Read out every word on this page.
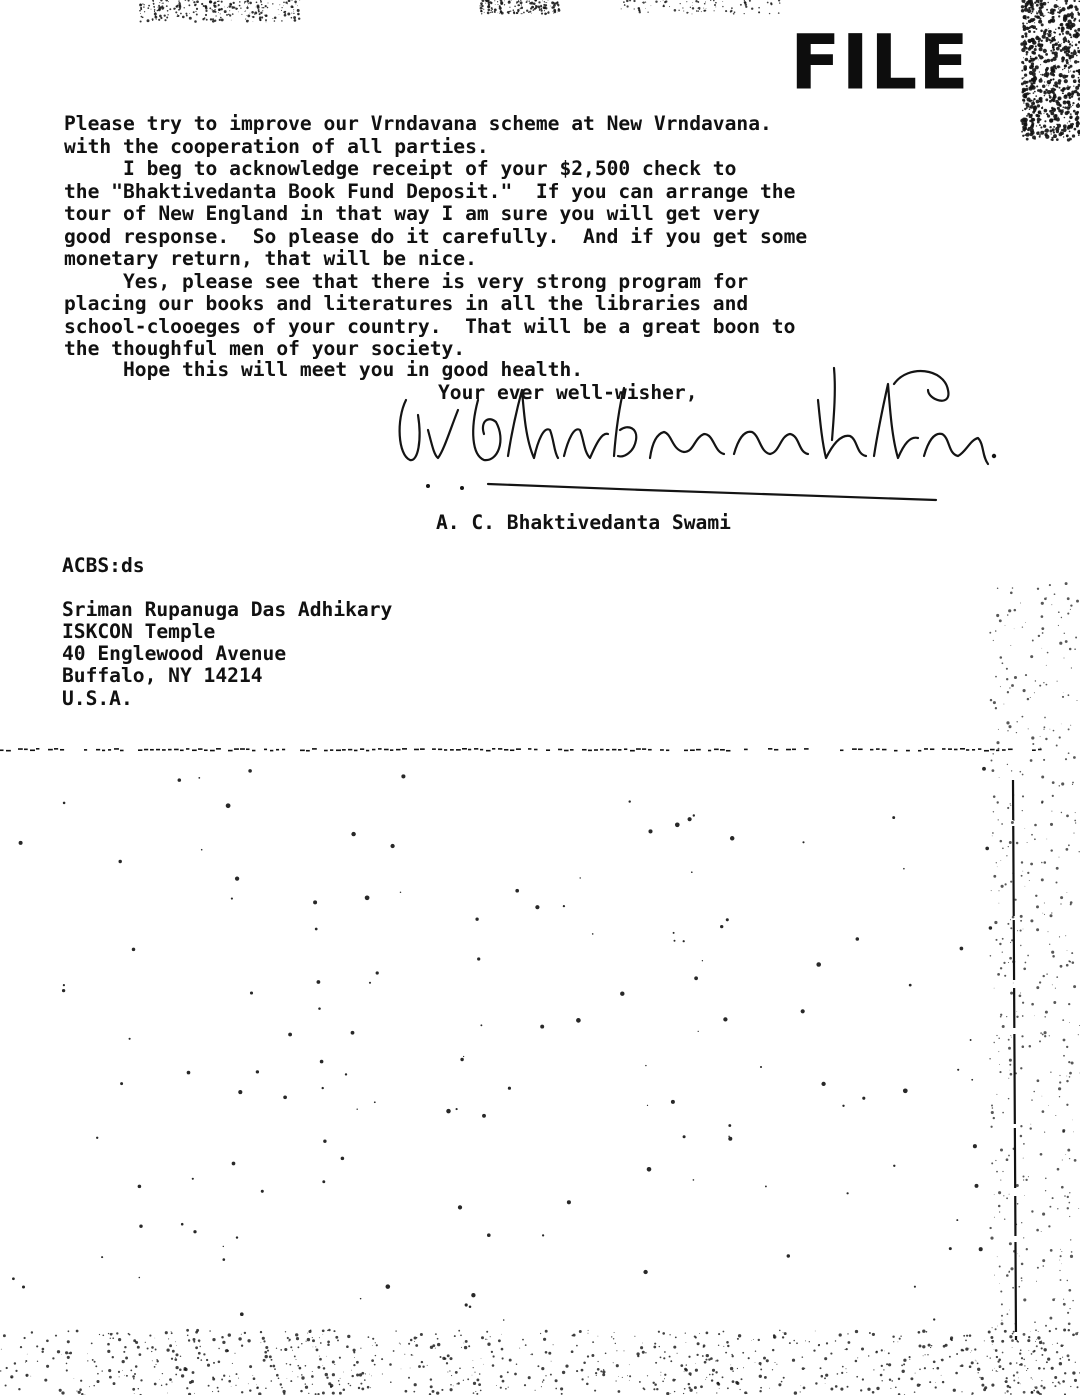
FILE
Please try to improve our Vrndavana scheme at New Vrndavana.
with the cooperation of all parties.
I beg to acknowledge receipt of your $2,500 check to
the "Bhaktivedanta Book Fund Deposit."  If you can arrange the
tour of New England in that way I am sure you will get very
good response.  So please do it carefully.  And if you get some
monetary return, that will be nice.
Yes, please see that there is very strong program for
placing our books and literatures in all the libraries and
school-clooeges of your country.  That will be a great boon to
the thoughful men of your society.
Hope this will meet you in good health.
Your ever well-wisher,
A. C. Bhaktivedanta Swami
ACBS:ds
Sriman Rupanuga Das Adhikary
ISKCON Temple
40 Englewood Avenue
Buffalo, NY 14214
U.S.A.
